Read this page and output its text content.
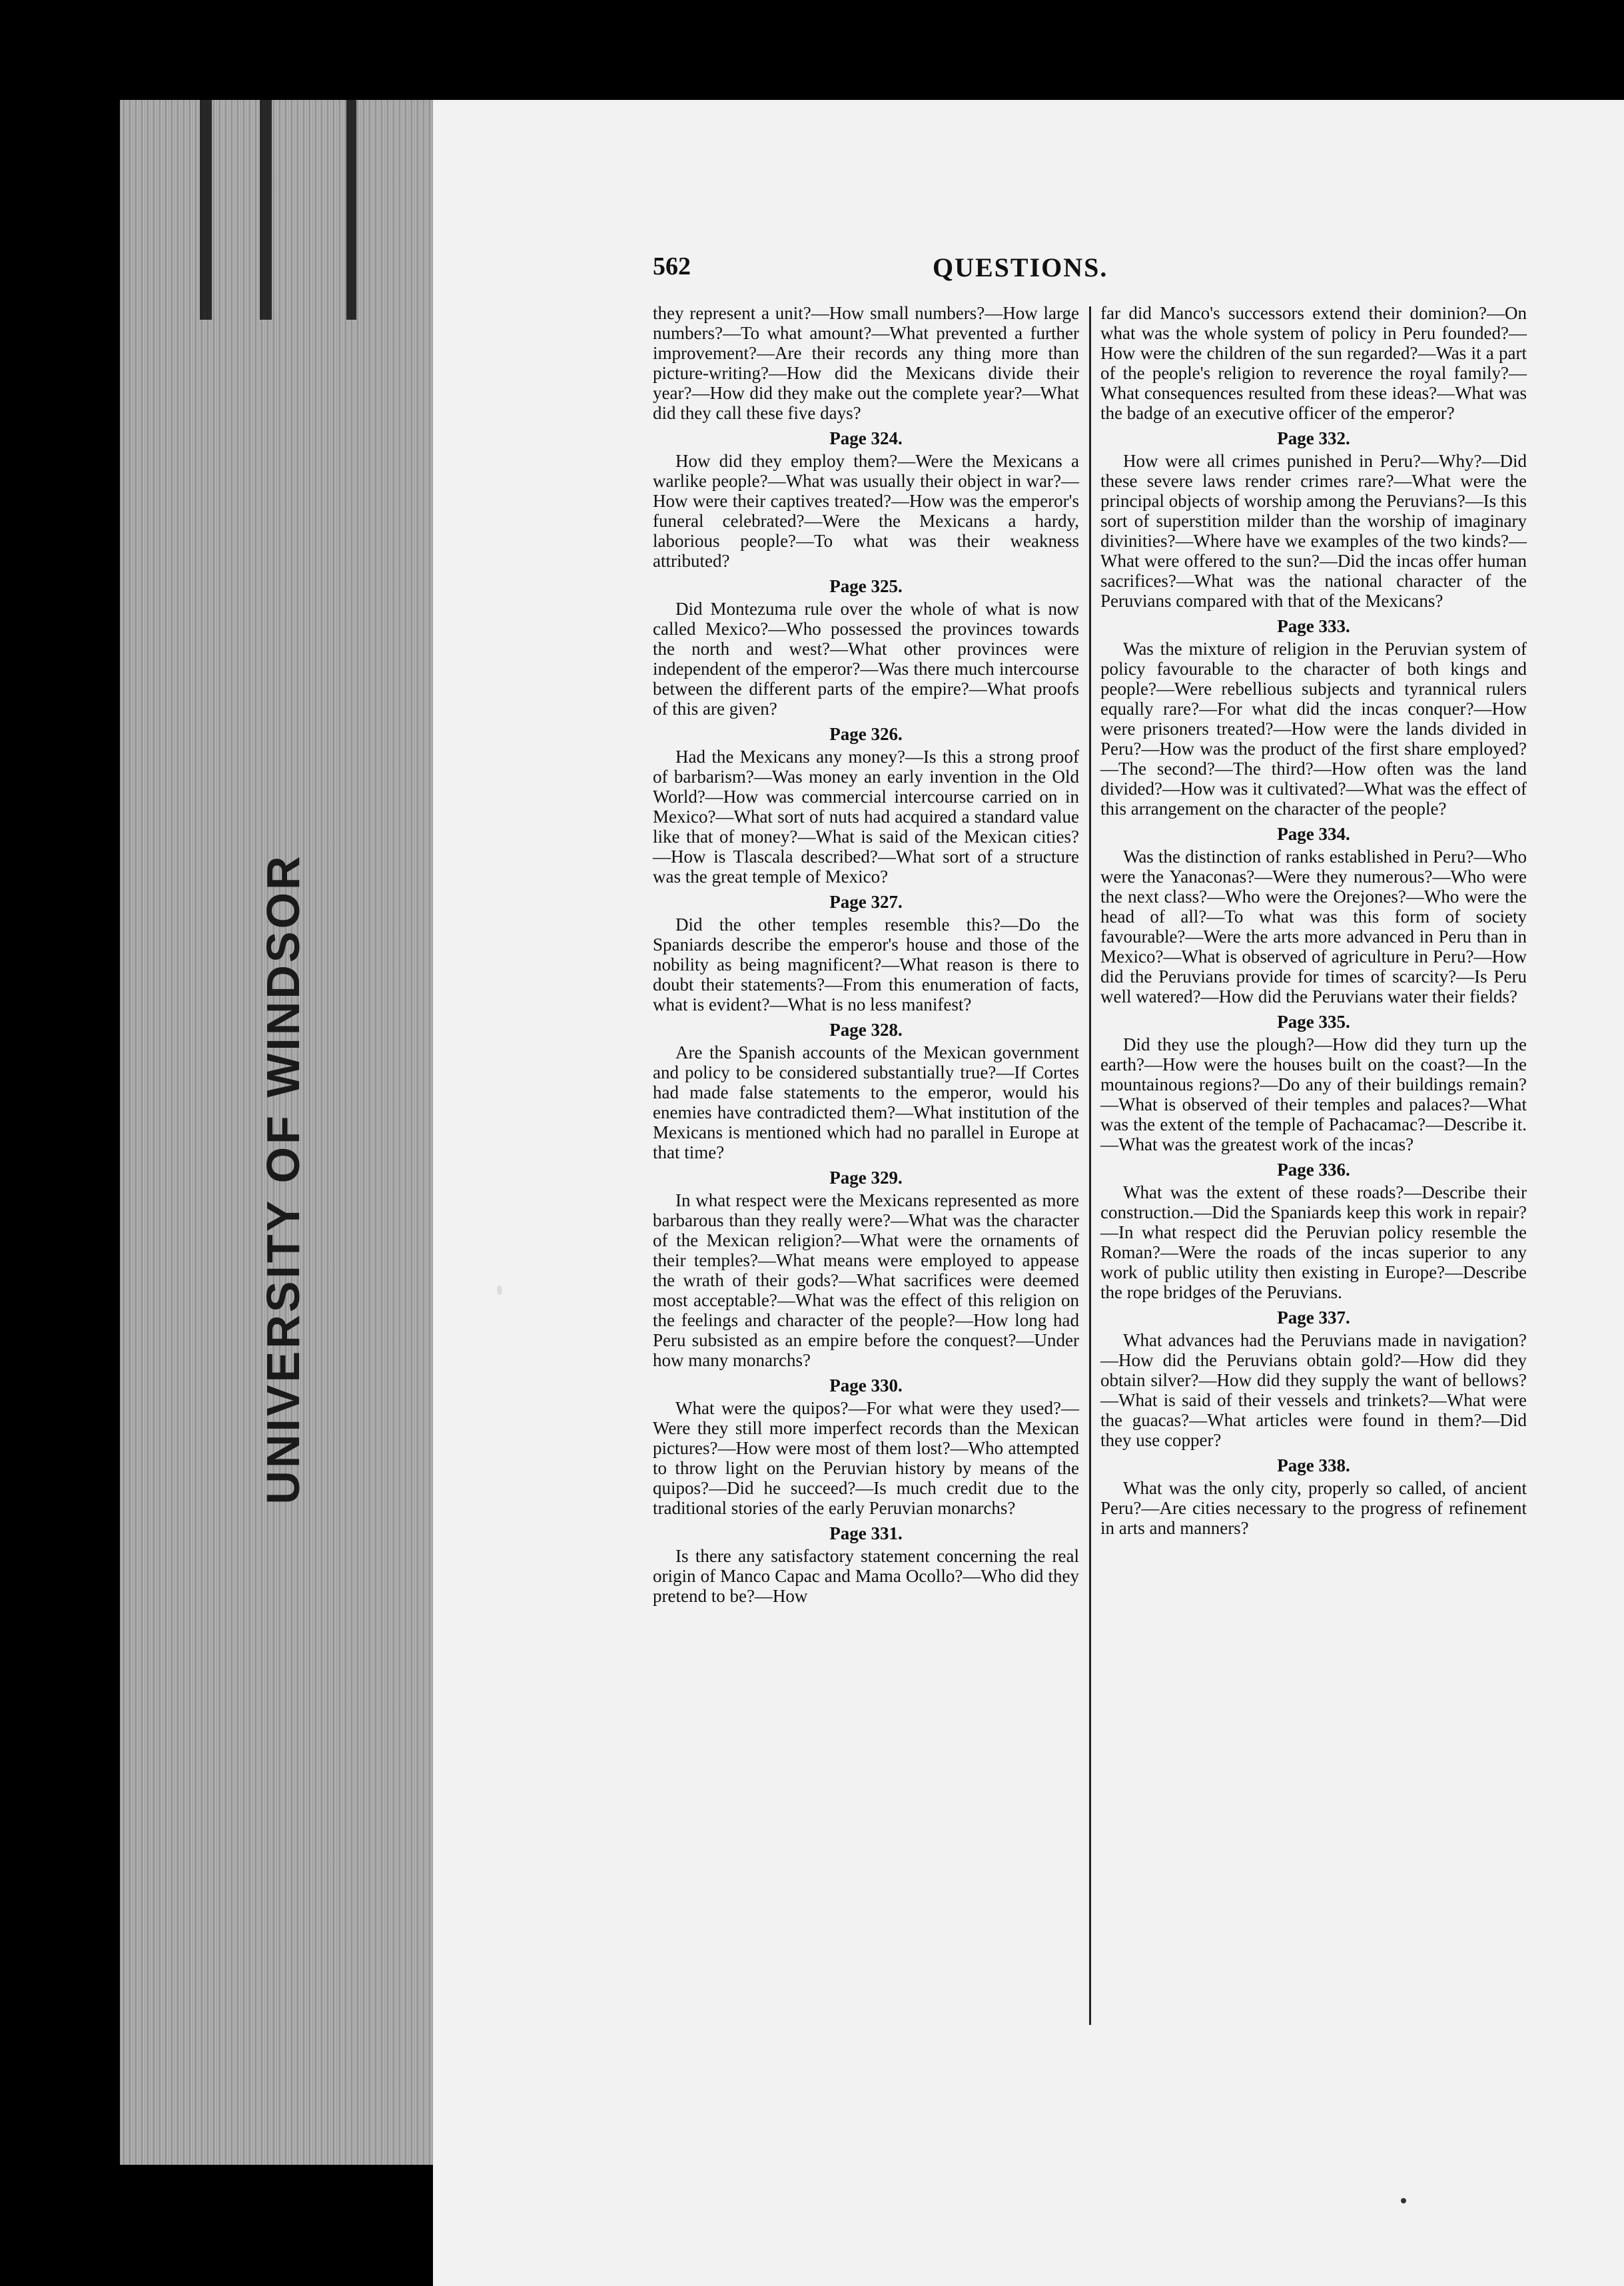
UNIVERSITY OF WINDSOR
562	QUESTIONS.

they represent a unit?—How small numbers?—How large numbers?—To what amount?—What prevented a further improvement?—Are their records any thing more than picture-writing?—How did the Mexicans divide their year?—How did they make out the complete year?—What did they call these five days?

Page 324.

How did they employ them?—Were the Mexicans a warlike people?—What was usually their object in war?—How were their captives treated?—How was the emperor's funeral celebrated?—Were the Mexicans a hardy, laborious people?—To what was their weakness attributed?

Page 325.

Did Montezuma rule over the whole of what is now called Mexico?—Who possessed the provinces towards the north and west?—What other provinces were independent of the emperor?—Was there much intercourse between the different parts of the empire?—What proofs of this are given?

Page 326.

Had the Mexicans any money?—Is this a strong proof of barbarism?—Was money an early invention in the Old World?—How was commercial intercourse carried on in Mexico?—What sort of nuts had acquired a standard value like that of money?—What is said of the Mexican cities?—How is Tlascala described?—What sort of a structure was the great temple of Mexico?

Page 327.

Did the other temples resemble this?—Do the Spaniards describe the emperor's house and those of the nobility as being magnificent?—What reason is there to doubt their statements?—From this enumeration of facts, what is evident?—What is no less manifest?

Page 328.

Are the Spanish accounts of the Mexican government and policy to be considered substantially true?—If Cortes had made false statements to the emperor, would his enemies have contradicted them?—What institution of the Mexicans is mentioned which had no parallel in Europe at that time?

Page 329.

In what respect were the Mexicans represented as more barbarous than they really were?—What was the character of the Mexican religion?—What were the ornaments of their temples?—What means were employed to appease the wrath of their gods?—What sacrifices were deemed most acceptable?—What was the effect of this religion on the feelings and character of the people?—How long had Peru subsisted as an empire before the conquest?—Under how many monarchs?

Page 330.

What were the quipos?—For what were they used?—Were they still more imperfect records than the Mexican pictures?—How were most of them lost?—Who attempted to throw light on the Peruvian history by means of the quipos?—Did he succeed?—Is much credit due to the traditional stories of the early Peruvian monarchs?

Page 331.

Is there any satisfactory statement concerning the real origin of Manco Capac and Mama Ocollo?—Who did they pretend to be?—How

far did Manco's successors extend their dominion?—On what was the whole system of policy in Peru founded?—How were the children of the sun regarded?—Was it a part of the people's religion to reverence the royal family?—What consequences resulted from these ideas?—What was the badge of an executive officer of the emperor?

Page 332.

How were all crimes punished in Peru?—Why?—Did these severe laws render crimes rare?—What were the principal objects of worship among the Peruvians?—Is this sort of superstition milder than the worship of imaginary divinities?—Where have we examples of the two kinds?—What were offered to the sun?—Did the incas offer human sacrifices?—What was the national character of the Peruvians compared with that of the Mexicans?

Page 333.

Was the mixture of religion in the Peruvian system of policy favourable to the character of both kings and people?—Were rebellious subjects and tyrannical rulers equally rare?—For what did the incas conquer?—How were prisoners treated?—How were the lands divided in Peru?—How was the product of the first share employed?—The second?—The third?—How often was the land divided?—How was it cultivated?—What was the effect of this arrangement on the character of the people?

Page 334.

Was the distinction of ranks established in Peru?—Who were the Yanaconas?—Were they numerous?—Who were the next class?—Who were the Orejones?—Who were the head of all?—To what was this form of society favourable?—Were the arts more advanced in Peru than in Mexico?—What is observed of agriculture in Peru?—How did the Peruvians provide for times of scarcity?—Is Peru well watered?—How did the Peruvians water their fields?

Page 335.

Did they use the plough?—How did they turn up the earth?—How were the houses built on the coast?—In the mountainous regions?—Do any of their buildings remain?—What is observed of their temples and palaces?—What was the extent of the temple of Pachacamac?—Describe it.—What was the greatest work of the incas?

Page 336.

What was the extent of these roads?—Describe their construction.—Did the Spaniards keep this work in repair?—In what respect did the Peruvian policy resemble the Roman?—Were the roads of the incas superior to any work of public utility then existing in Europe?—Describe the rope bridges of the Peruvians.

Page 337.

What advances had the Peruvians made in navigation?—How did the Peruvians obtain gold?—How did they obtain silver?—How did they supply the want of bellows?—What is said of their vessels and trinkets?—What were the guacas?—What articles were found in them?—Did they use copper?

Page 338.

What was the only city, properly so called, of ancient Peru?—Are cities necessary to the progress of refinement in arts and manners?
